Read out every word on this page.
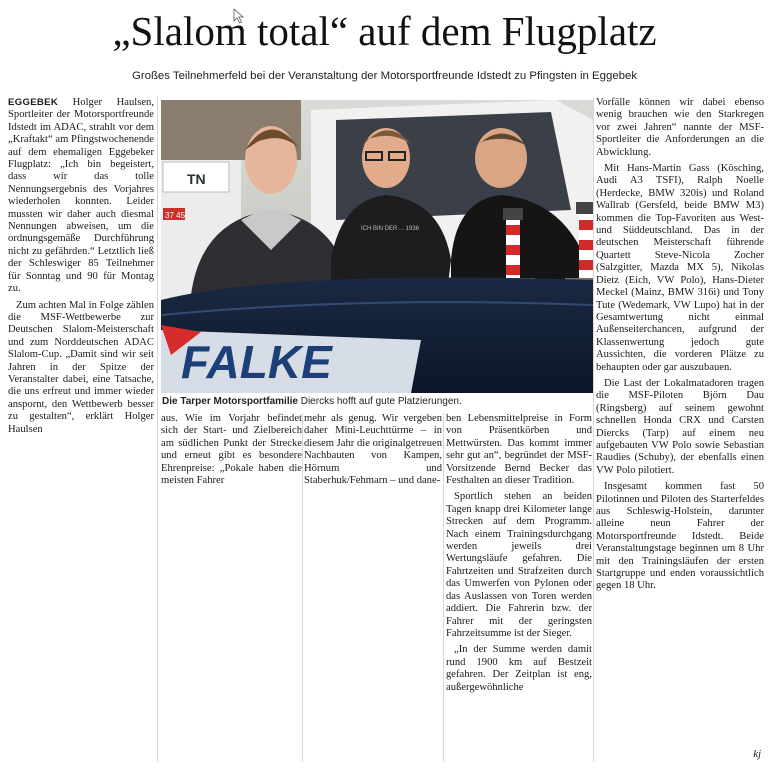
„Slalom total“ auf dem Flugplatz
Großes Teilnehmerfeld bei der Veranstaltung der Motorsportfreunde Idstedt zu Pfingsten in Eggebek

EGGEBEK Holger Haulsen, Sportleiter der Motorsportfreunde Idstedt im ADAC, strahlt vor dem „Kraftakt“ am Pfingstwochenende auf dem ehemaligen Eggebeker Flugplatz: „Ich bin begeistert, dass wir das tolle Nennungsergebnis des Vorjahres wiederholen konnten. Leider mussten wir daher auch diesmal Nennungen abweisen, um die ordnungsgemäße Durchführung nicht zu gefährden.“ Letztlich ließ der Schleswiger 85 Teilnehmer für Sonntag und 90 für Montag zu.

Zum achten Mal in Folge zählen die MSF-Wettbewerbe zur Deutschen Slalom-Meisterschaft und zum Norddeutschen ADAC Slalom-Cup. „Damit sind wir seit Jahren in der Spitze der Veranstalter dabei, eine Tatsache, die uns erfreut und immer wieder anspornt, den Wettbewerb besser zu gestalten“, erklärt Holger Haulsen

TN
37 45
ICH BIN DER ... 1936
FALKE
Die Tarper Motorsportfamilie Diercks hofft auf gute Platzierungen.

aus. Wie im Vorjahr befindet sich der Start- und Zielbereich am südlichen Punkt der Strecke und erneut gibt es besondere Ehrenpreise: „Pokale haben die meisten Fahrer

mehr als genug. Wir vergeben daher Mini-Leuchttürme – in diesem Jahr die originalgetreuen Nachbauten von Kampen, Hörnum und Staberhuk/Fehmarn – und dane-

ben Lebensmittelpreise in Form von Präsentkörben und Mettwürsten. Das kommt immer sehr gut an“, begründet der MSF-Vorsitzende Bernd Becker das Festhalten an dieser Tradition.

Sportlich stehen an beiden Tagen knapp drei Kilometer lange Strecken auf dem Programm. Nach einem Trainingsdurchgang werden jeweils drei Wertungsläufe gefahren. Die Fahrtzeiten und Strafzeiten durch das Umwerfen von Pylonen oder das Auslassen von Toren werden addiert. Die Fahrerin bzw. der Fahrer mit der geringsten Fahrzeitsumme ist der Sieger.

„In der Summe werden damit rund 1900 km auf Bestzeit gefahren. Der Zeitplan ist eng, außergewöhnliche

Vorfälle können wir dabei ebenso wenig brauchen wie den Starkregen vor zwei Jahren“ nannte der MSF-Sportleiter die Anforderungen an die Abwicklung.

Mit Hans-Martin Gass (Kösching, Audi A3 TSFI), Ralph Noelle (Herdecke, BMW 320is) und Roland Wallrab (Gersfeld, beide BMW M3) kommen die Top-Favoriten aus West- und Süddeutschland. Das in der deutschen Meisterschaft führende Quartett Steve-Nicola Zocher (Salzgitter, Mazda MX 5), Nikolas Dietz (Eich, VW Polo), Hans-Dieter Meckel (Mainz, BMW 316i) und Tony Tute (Wedemark, VW Lupo) hat in der Gesamtwertung nicht einmal Außenseiterchancen, aufgrund der Klassenwertung jedoch gute Aussichten, die vorderen Plätze zu behaupten oder gar auszubauen.

Die Last der Lokalmatadoren tragen die MSF-Piloten Björn Dau (Ringsberg) auf seinem gewohnt schnellen Honda CRX und Carsten Diercks (Tarp) auf einem neu aufgebauten VW Polo sowie Sebastian Raudies (Schuby), der ebenfalls einen VW Polo pilotiert.

Insgesamt kommen fast 50 Pilotinnen und Piloten des Starterfeldes aus Schleswig-Holstein, darunter alleine neun Fahrer der Motorsportfreunde Idstedt. Beide Veranstaltungstage beginnen um 8 Uhr mit den Trainingsläufen der ersten Startgruppe und enden voraussichtlich gegen 18 Uhr.

kj
